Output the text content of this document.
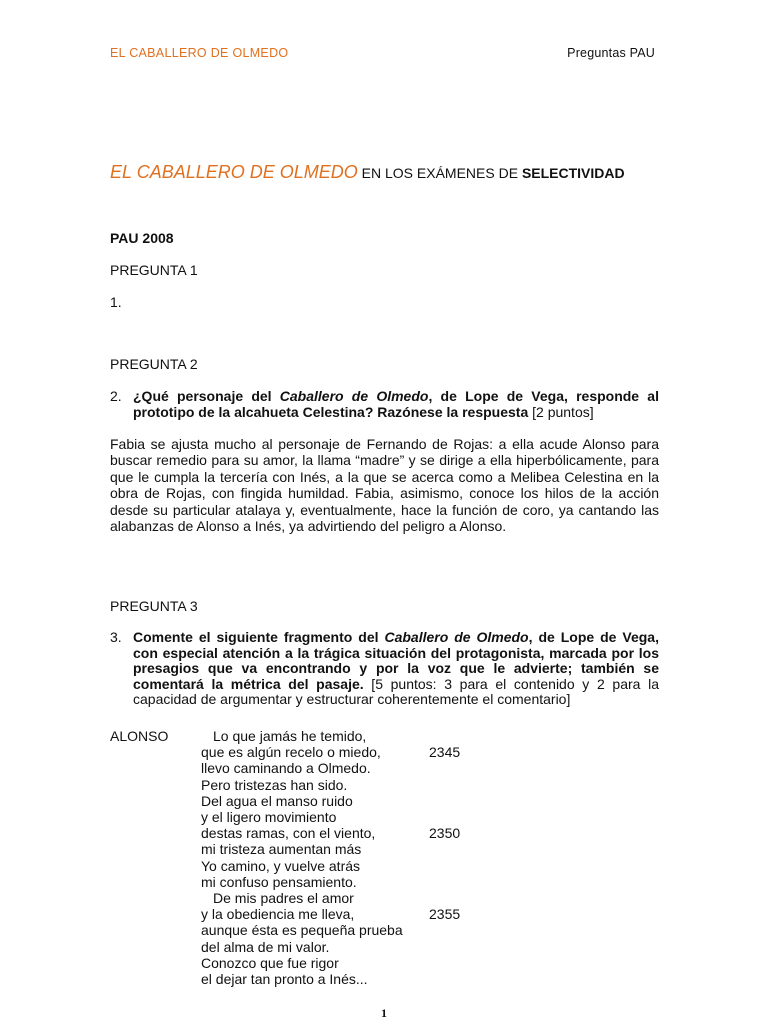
EL CABALLERO DE OLMEDO	Preguntas PAU
EL CABALLERO DE OLMEDO EN LOS EXÁMENES DE SELECTIVIDAD
PAU 2008
PREGUNTA 1
1.
PREGUNTA 2
2. ¿Qué personaje del Caballero de Olmedo, de Lope de Vega, responde al prototipo de la alcahueta Celestina? Razónese la respuesta [2 puntos]
Fabia se ajusta mucho al personaje de Fernando de Rojas: a ella acude Alonso para buscar remedio para su amor, la llama “madre” y se dirige a ella hiperbólicamente, para que le cumpla la tercería con Inés, a la que se acerca como a Melibea Celestina en la obra de Rojas, con fingida humildad. Fabia, asimismo, conoce los hilos de la acción desde su particular atalaya y, eventualmente, hace la función de coro, ya cantando las alabanzas de Alonso a Inés, ya advirtiendo del peligro a Alonso.
PREGUNTA 3
3. Comente el siguiente fragmento del Caballero de Olmedo, de Lope de Vega, con especial atención a la trágica situación del protagonista, marcada por los presagios que va encontrando y por la voz que le advierte; también se comentará la métrica del pasaje. [5 puntos: 3 para el contenido y 2 para la capacidad de argumentar y estructurar coherentemente el comentario]
ALONSO	Lo que jamás he temido,
que es algún recelo o miedo,
llevo caminando a Olmedo.
Pero tristezas han sido.
Del agua el manso ruido
y el ligero movimiento
destas ramas, con el viento,
mi tristeza aumentan más
Yo camino, y vuelve atrás
mi confuso pensamiento.
De mis padres el amor
y la obediencia me lleva,
aunque ésta es pequeña prueba
del alma de mi valor.
Conozco que fue rigor
el dejar tan pronto a Inés...
2345
2350
2355
1
